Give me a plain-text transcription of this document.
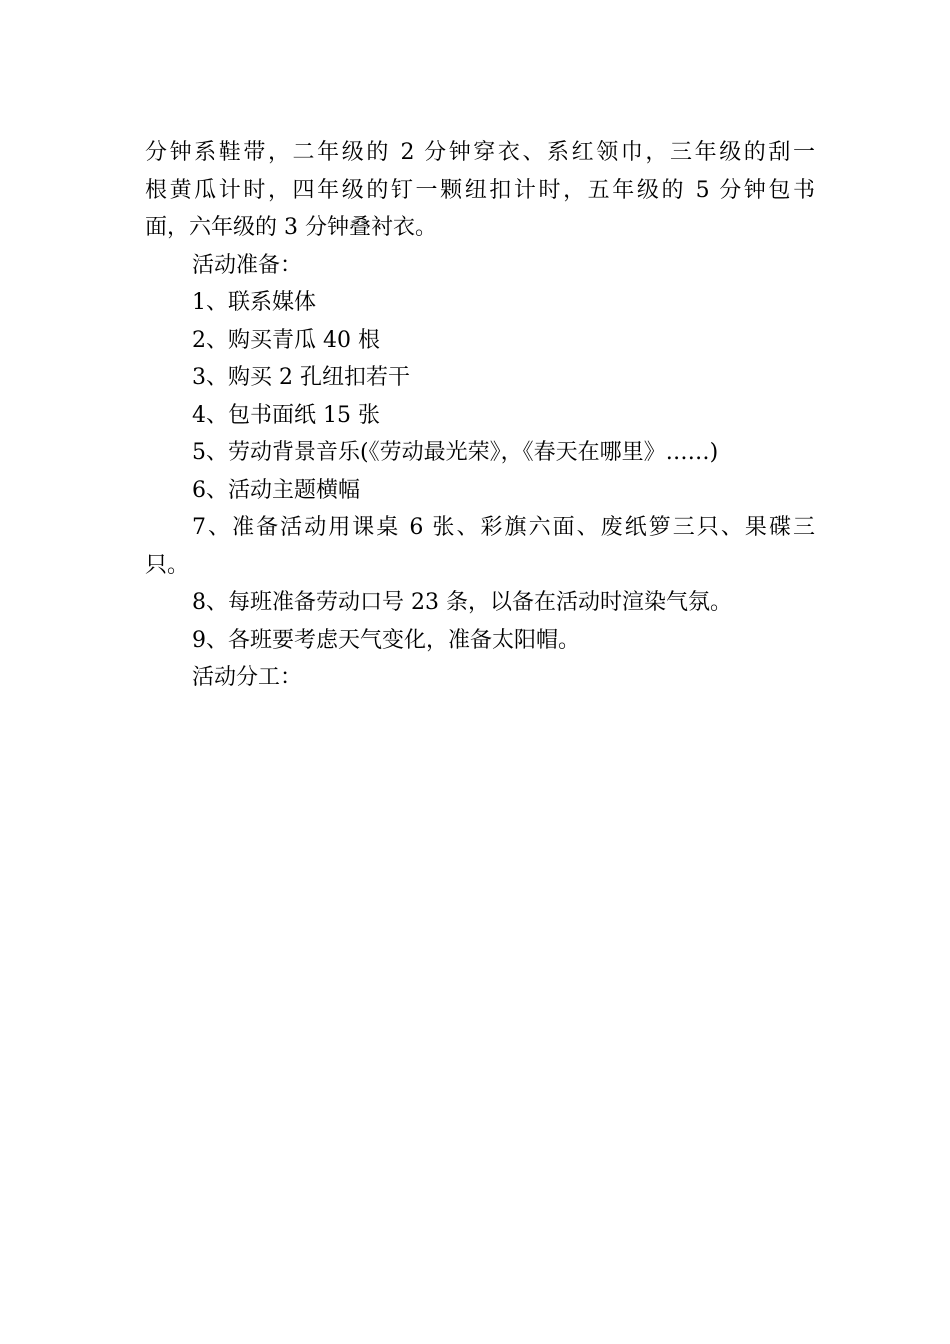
分钟系鞋带，二年级的 2 分钟穿衣、系红领巾，三年级的刮一

根黄瓜计时，四年级的钉一颗纽扣计时，五年级的 5 分钟包书

面，六年级的 3 分钟叠衬衣。

活动准备：

1、联系媒体

2、购买青瓜 40 根

3、购买 2 孔纽扣若干

4、包书面纸 15 张

5、劳动背景音乐(《劳动最光荣》，《春天在哪里》……)

6、活动主题横幅

7、准备活动用课桌 6 张、彩旗六面、废纸箩三只、果碟三

只。

8、每班准备劳动口号 23 条，以备在活动时渲染气氛。

9、各班要考虑天气变化，准备太阳帽。

活动分工：
